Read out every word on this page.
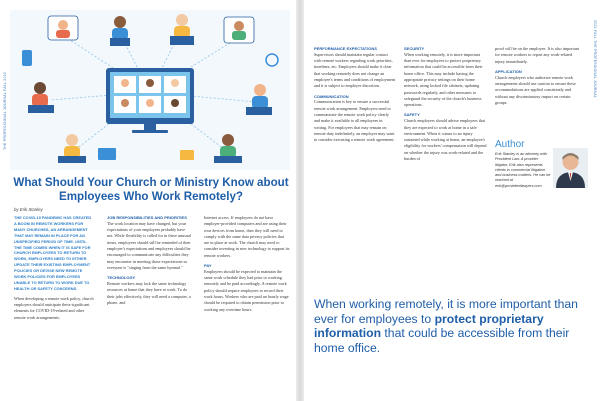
THE PROFESSIONAL JOURNAL FALL 2022
2022 FALL THE PROFESSIONAL JOURNAL
What Should Your Church or Ministry Know about Employees Who Work Remotely?
by Erik Stanley

THE COVID-19 PANDEMIC HAS CREATED A BOOM IN REMOTE WORKERS FOR MANY CHURCHES, AN ARRANGEMENT THAT MAY REMAIN IN PLACE FOR AN UNSPECIFIED PERIOD OF TIME. UNTIL THE TIME COMES WHEN IT IS SAFE FOR CHURCH EMPLOYEES TO RETURN TO WORK, EMPLOYERS NEED TO EITHER UPDATE THEIR EXISTING EMPLOYMENT POLICIES OR DEVISE NEW REMOTE WORK POLICIES FOR EMPLOYEES UNABLE TO RETURN TO WORK DUE TO HEALTH OR SAFETY CONCERNS.

When developing a remote work policy, church employers should anticipate these significant elements for COVID-19-related and other remote work arrangements:

JOB RESPONSIBILITIES AND PRIORITIES

The work location may have changed, but your expectations of your employees probably have not. While flexibility is called for in these unusual times, employees should still be reminded of their employer's expectations and employees should be encouraged to communicate any difficulties they may encounter in meeting those expectations so everyone is "singing from the same hymnal."

TECHNOLOGY

Remote workers may lack the same technology resources at home that they have at work. To do their jobs effectively, they will need a computer, a phone, and

Internet access. If employees do not have employer-provided computers and are using their own devices from home, then they will need to comply with the same data privacy policies that are in place at work. The church may need to consider investing in new technology to support its remote workers.

PAY

Employees should be expected to maintain the same work schedule they had prior to working remotely and be paid accordingly. A remote work policy should require employees to record their work hours. Workers who are paid an hourly wage should be required to obtain permission prior to working any overtime hours.

PERFORMANCE EXPECTATIONS

Supervisors should maintain regular contact with remote workers regarding work priorities, timelines, etc. Employers should make it clear that working remotely does not change an employee's terms and conditions of employment and it is subject to employer discretion.

COMMUNICATION

Communication is key to ensure a successful remote work arrangement. Employers need to communicate the remote work policy clearly and make it available to all employees in writing. For employees that may remain on remote duty indefinitely, an employer may want to consider executing a remote work agreement.

SECURITY

When working remotely, it is more important than ever for employees to protect proprietary information that could be accessible from their home office. This may include having the appropriate privacy settings on their home network, using locked file cabinets, updating passwords regularly, and other measures to safeguard the security of the church's business operations.

SAFETY

Church employers should advise employees that they are expected to work at home in a safe environment. When it comes to an injury sustained while working at home, an employee's eligibility for workers' compensation will depend on whether the injury was work-related and the burden of

proof will be on the employee. It is also important for remote workers to report any work-related injury immediately.

APPLICATION

Church employers who authorize remote work arrangements should use caution to ensure these accommodations are applied consistently and without any discriminatory impact on certain groups.

Author
Erik Stanley is an attorney with Provident Law. A provider litigator, Erik also represents clients in commercial litigation and business matters. He can be reached at erik@providentlawyers.com
When working remotely, it is more important than ever for employees to protect proprietary information that could be accessible from their home office.
